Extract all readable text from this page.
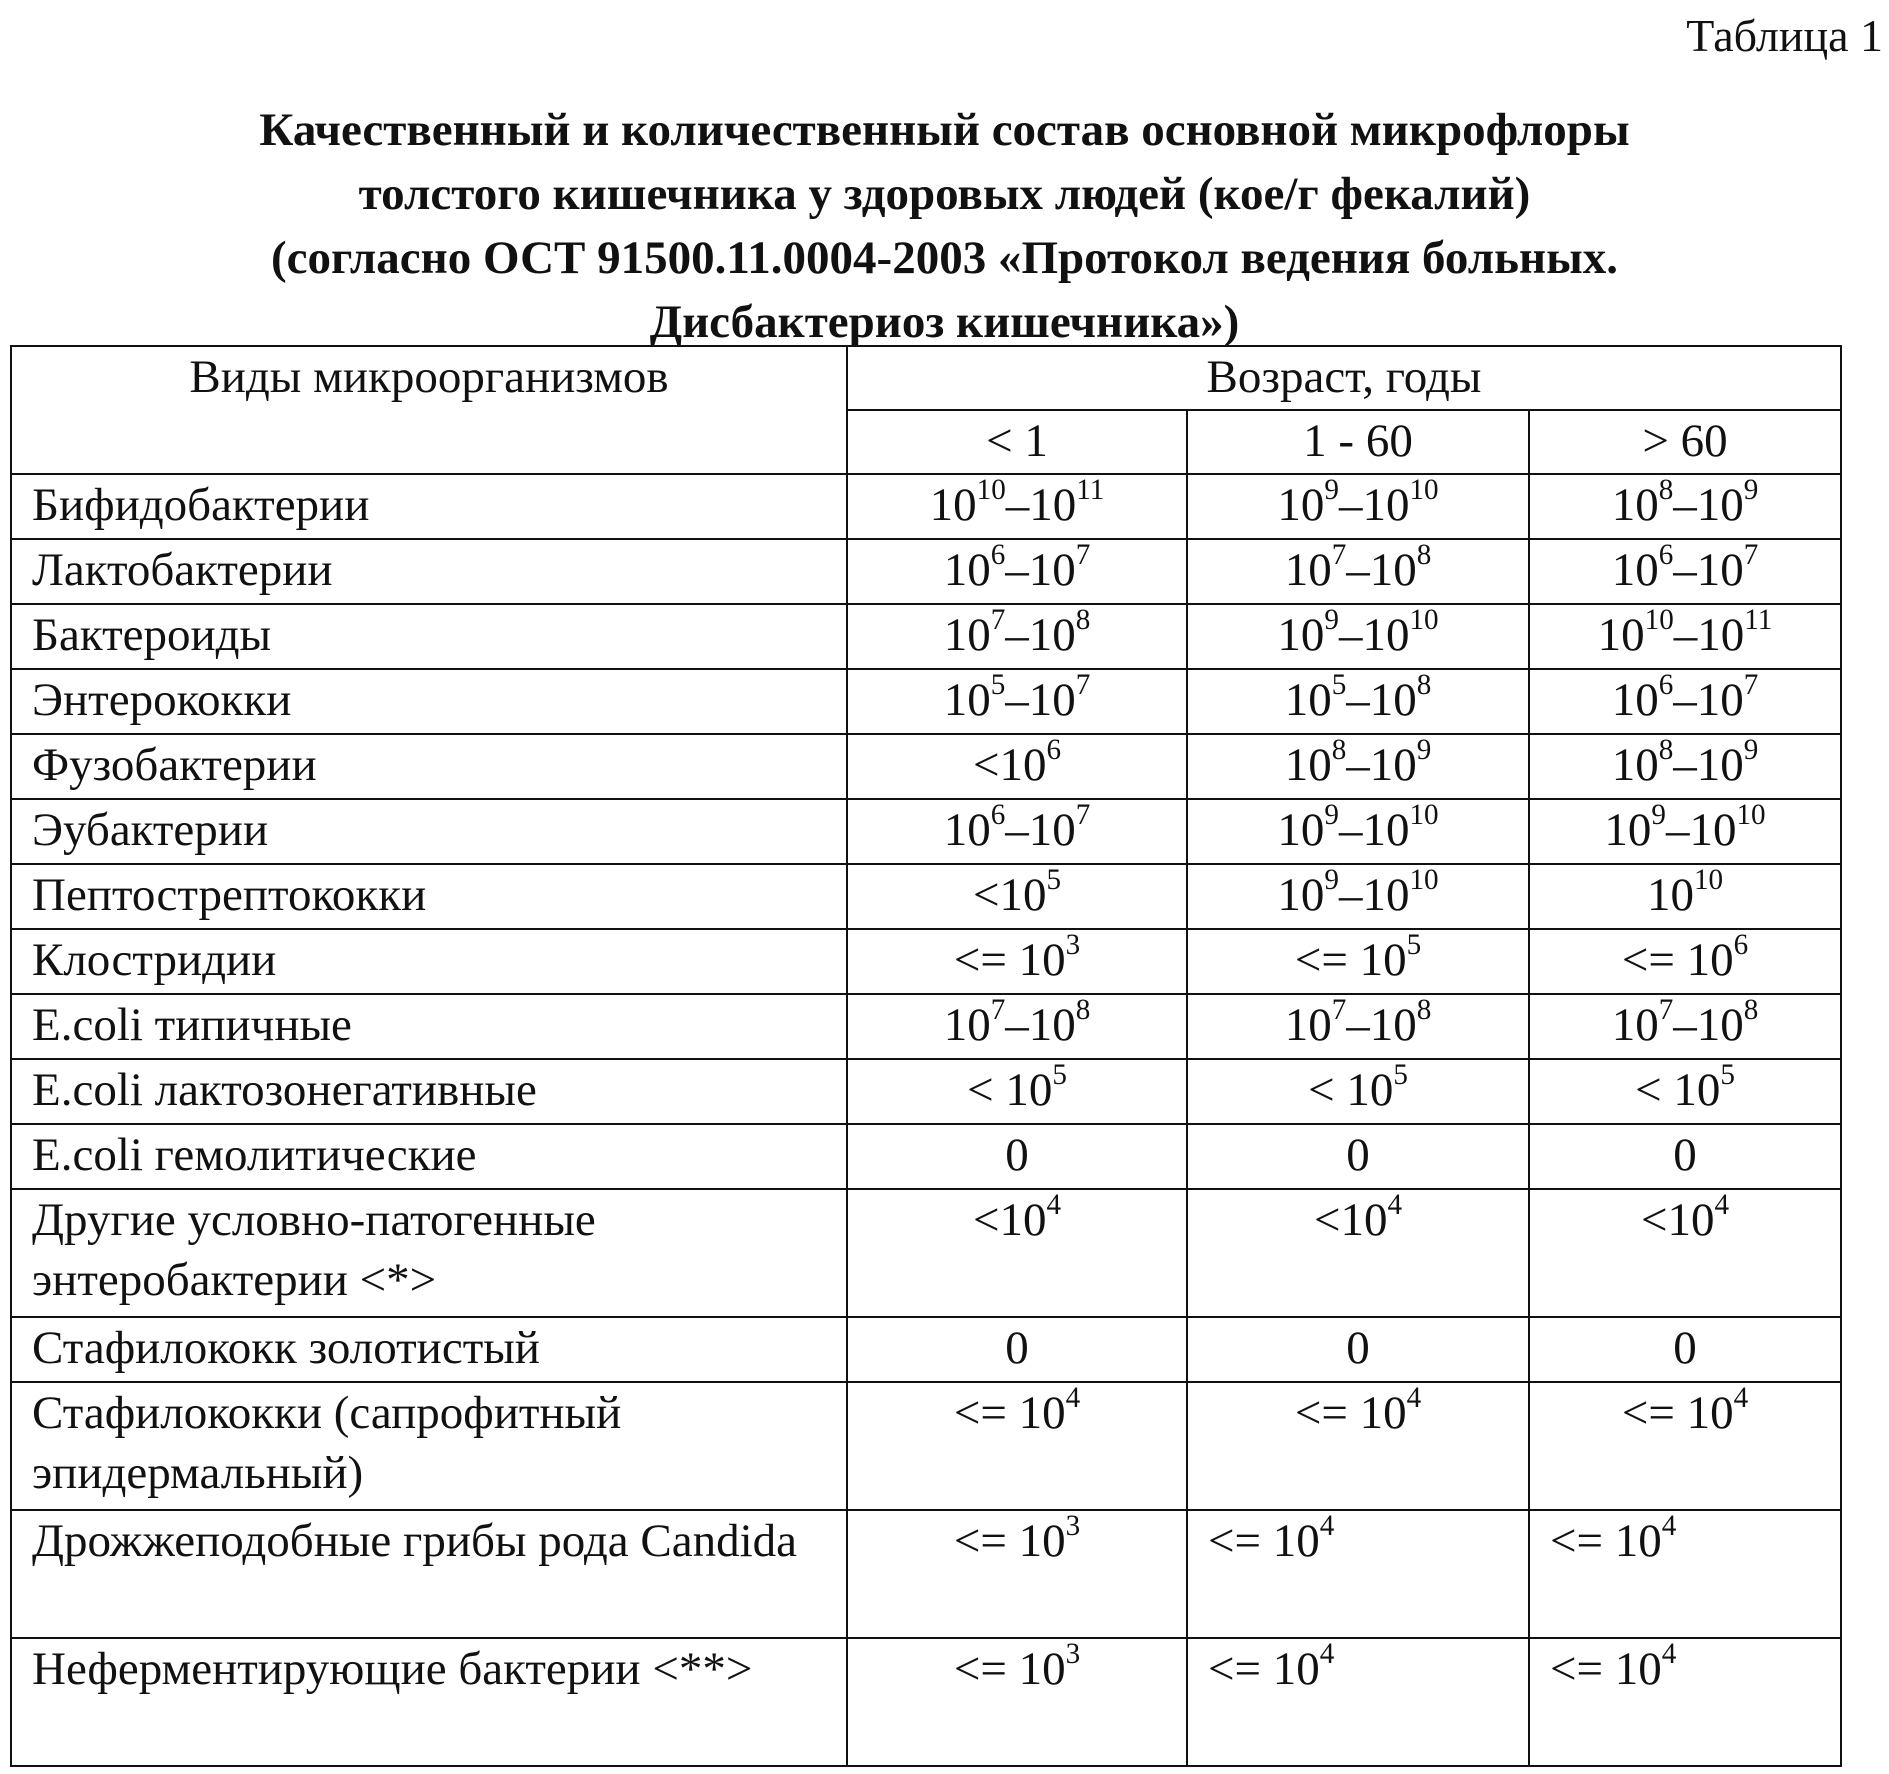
Таблица 1
Качественный и количественный состав основной микрофлоры
толстого кишечника у здоровых людей (кое/г фекалий)
(согласно ОСТ 91500.11.0004-2003 «Протокол ведения больных.
Дисбактериоз кишечника»)
Виды микроорганизмов	Возраст, годы		
	< 1	1 - 60	> 60
Бифидобактерии	$10^{10}-10^{11}$	$10^9-10^{10}$	$10^8-10^9$
Лактобактерии	$10^6-10^7$	$10^7-10^8$	$10^6-10^7$
Бактероиды	$10^7-10^8$	$10^9-10^{10}$	$10^{10}-10^{11}$
Энтерококки	$10^5-10^7$	$10^5-10^8$	$10^6-10^7$
Фузобактерии	$<10^6$	$10^8-10^9$	$10^8-10^9$
Эубактерии	$10^6-10^7$	$10^9-10^{10}$	$10^9-10^{10}$
Пептострептококки	$<10^5$	$10^9-10^{10}$	$10^{10}$
Клостридии	<= $10^3$	<= $10^5$	<= $10^6$
E.coli типичные	$10^7-10^8$	$10^7-10^8$	$10^7-10^8$
E.coli лактозонегативные	< $10^5$	< $10^5$	< $10^5$
E.coli гемолитические	0	0	0
Другие условно-патогенные энтеробактерии <*>	$<10^4$	$<10^4$	$<10^4$
Стафилококк золотистый	0	0	0
Стафилококки (сапрофитный эпидермальный)	<= $10^4$	<= $10^4$	<= $10^4$
Дрожжеподобные грибы рода Candida	<= $10^3$	<= $10^4$	<= $10^4$
Неферментирующие бактерии <**>	<= $10^3$	<= $10^4$	<= $10^4$
